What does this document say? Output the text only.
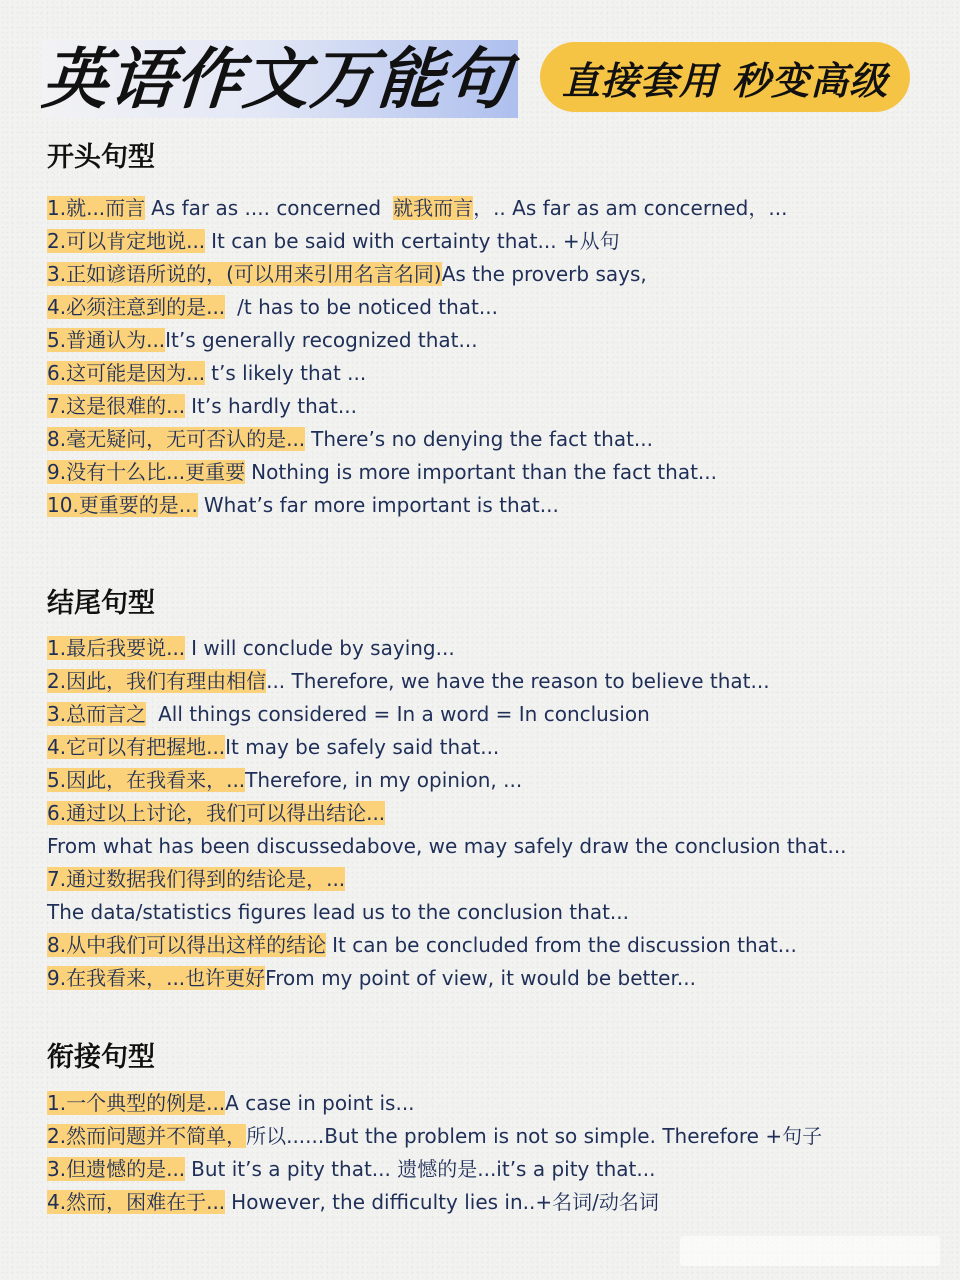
英语作文万能句 直接套用 秒变高级
开头句型
1.就...而言 As far as .... concerned 就我而言，.. As far as am concerned，...
2.可以肯定地说... It can be said with certainty that... +从句
3.正如谚语所说的，(可以用来引用名言名同)As the proverb says,
4.必须注意到的是... /t has to be noticed that...
5.普通认为...It’s generally recognized that...
6.这可能是因为... t’s likely that ...
7.这是很难的... It’s hardly that...
8.毫无疑问，无可否认的是... There’s no denying the fact that...
9.没有十么比...更重要 Nothing is more important than the fact that...
10.更重要的是... What’s far more important is that...
结尾句型
1.最后我要说... I will conclude by saying...
2.因此，我们有理由相信... Therefore, we have the reason to believe that...
3.总而言之 All things considered = In a word = In conclusion
4.它可以有把握地...It may be safely said that...
5.因此，在我看来，...Therefore, in my opinion, ...
6.通过以上讨论，我们可以得出结论...
From what has been discussedabove, we may safely draw the conclusion that...
7.通过数据我们得到的结论是，...
The data/statistics figures lead us to the conclusion that...
8.从中我们可以得出这样的结论 It can be concluded from the discussion that...
9.在我看来，...也许更好From my point of view, it would be better...
衔接句型
1.一个典型的例是...A case in point is...
2.然而问题并不简单，所以......But the problem is not so simple. Therefore +句子
3.但遗憾的是... But it’s a pity that... 遗憾的是...it’s a pity that...
4.然而，困难在于... However, the difficulty lies in..+名词/动名词
